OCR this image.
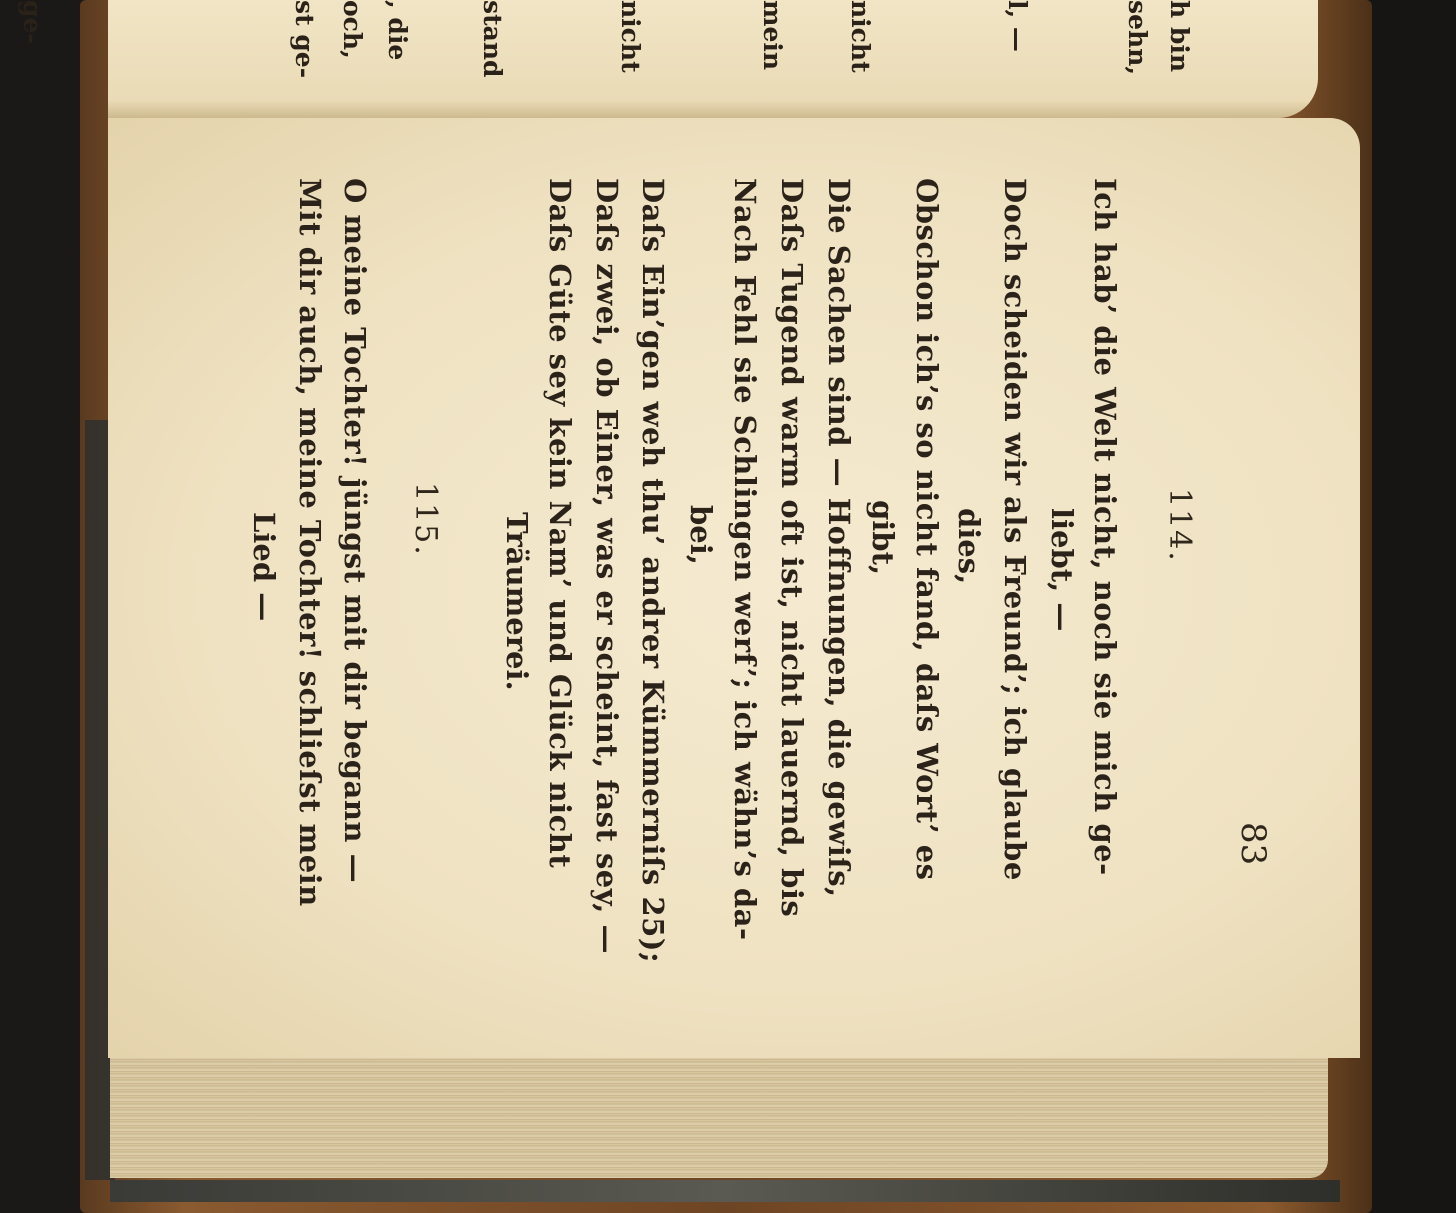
h bin
sehn,
l, —
nicht
mein
nicht
stand
ge-	och, , die
st ge-
83
114.
Ich hab’ die Welt nicht, noch sie mich ge-
liebt, —
Doch scheiden wir als Freund’; ich glaube
dies,
Obschon ich’s so nicht fand, daſs Wort’ es
gibt,
Die Sachen sind — Hoffnungen, die gewiſs,
Daſs Tugend warm oft ist, nicht lauernd, bis
Nach Fehl sie Schlingen werf’; ich wähn’s da-
bei,
Daſs Ein’gen weh thu’ andrer Kümmerniſs 25);
Daſs zwei, ob Einer, was er scheint, fast sey, —
Daſs Güte sey kein Nam’ und Glück nicht
Träumerei.
115.
O meine Tochter! jüngst mit dir begann —
Mit dir auch, meine Tochter! schlieſst mein
Lied —
